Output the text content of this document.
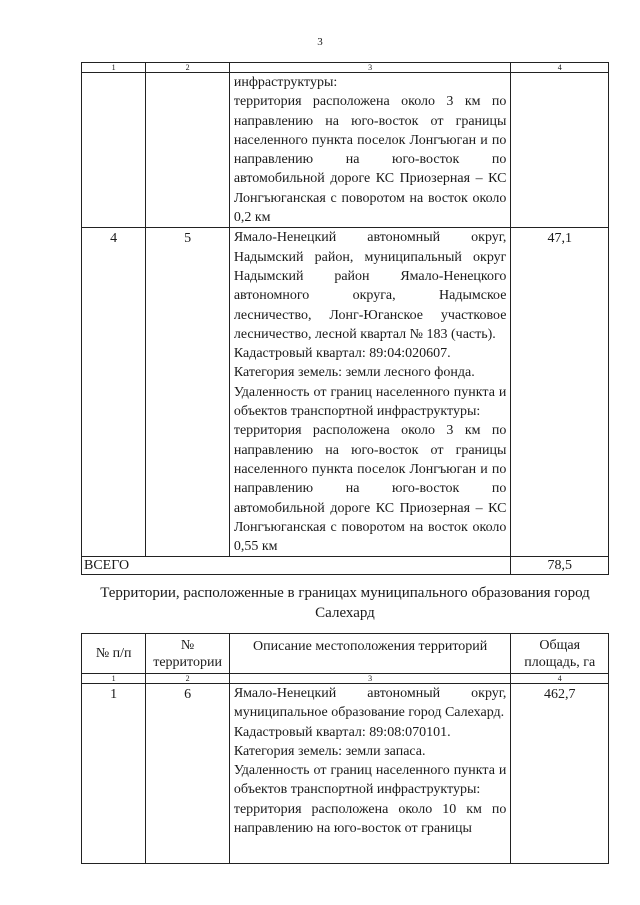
3
1	2	3	4

		инфраструктуры:

территория расположена около 3 км по направлению на юго-восток от границы населенного пункта поселок Лонгъюган и по направлению на юго-восток по автомобильной дороге КС Приозерная – КС Лонгъюганская с поворотом на восток около 0,2 км	

4	5	Ямало-Ненецкий автономный округ, Надымский район, муниципальный округ Надымский район Ямало-Ненецкого автономного округа, Надымское лесничество, Лонг-Юганское участковое лесничество, лесной квартал № 183 (часть).

Кадастровый квартал: 89:04:020607.

Категория земель: земли лесного фонда.

Удаленность от границ населенного пункта и объектов транспортной инфраструктуры:

территория расположена около 3 км по направлению на юго-восток от границы населенного пункта поселок Лонгъюган и по направлению на юго-восток по автомобильной дороге КС Приозерная – КС Лонгъюганская с поворотом на восток около 0,55 км	47,1
ВСЕГО			78,5
Территории, расположенные в границах муниципального образования город Салехард
№ п/п	№ территории	Описание местоположения территорий	Общая площадь, га
1	2	3	4
1	6	Ямало-Ненецкий автономный округ, муниципальное образование город Салехард.

Кадастровый квартал: 89:08:070101.

Категория земель: земли запаса.

Удаленность от границ населенного пункта и объектов транспортной инфраструктуры:

территория расположена около 10 км по направлению на юго-восток от границы	462,7
